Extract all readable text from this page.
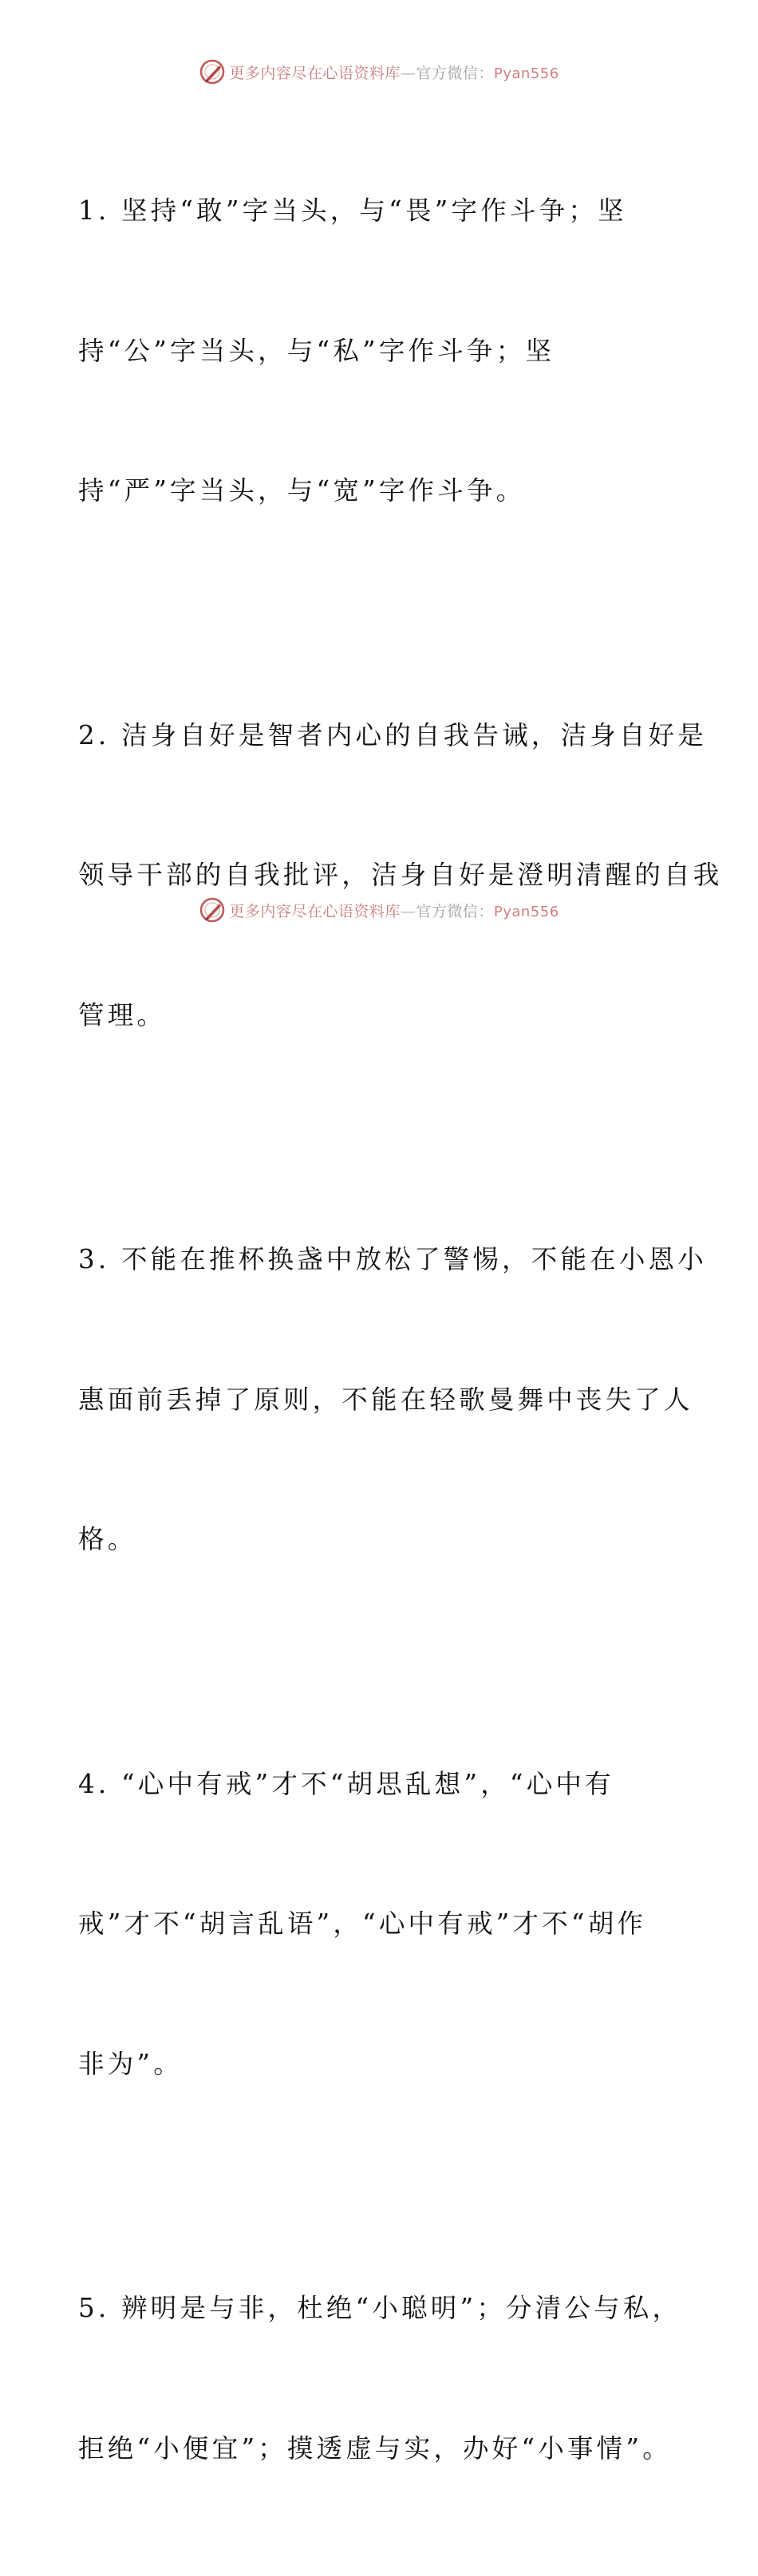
更多内容尽在心语资料库—官方微信：Pyan556

1. 坚持“敢”字当头，与“畏”字作斗争；坚

持“公”字当头，与“私”字作斗争；坚

持“严”字当头，与“宽”字作斗争。

2. 洁身自好是智者内心的自我告诫，洁身自好是

领导干部的自我批评，洁身自好是澄明清醒的自我

管理。

3. 不能在推杯换盏中放松了警惕，不能在小恩小

惠面前丢掉了原则，不能在轻歌曼舞中丧失了人

格。

4. “心中有戒”才不“胡思乱想”，“心中有

戒”才不“胡言乱语”，“心中有戒”才不“胡作

非为”。

5. 辨明是与非，杜绝“小聪明”；分清公与私，

拒绝“小便宜”；摸透虚与实，办好“小事情”。

更多内容尽在心语资料库—官方微信：Pyan556
